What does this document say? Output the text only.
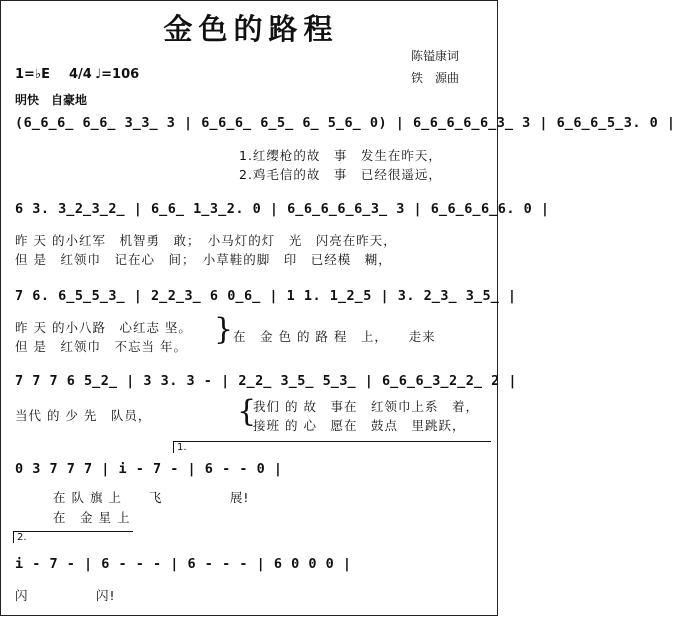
金色的路程
陈镒康词
铁　源曲
1=♭E 4/4 ♩=106
明快　自豪地
(6̲6̲6̲ 6̲6̲ 3̲3̲ 3 | 6̲6̲6̲ 6̲5̲ 6̲ 5̲6̲ 0) | 6̲6̲6̲6̲6̲3̲ 3 | 6̲6̲6̲5̲3. 0 |
1.红缨枪的故　事　发生在昨天，
2.鸡毛信的故　事　已经很遥远，
6 3. 3̲2̲3̲2̲ | 6̲6̲ 1̲3̲2. 0 | 6̲6̲6̲6̲6̲3̲ 3 | 6̲6̲6̲6̲6. 0 |
昨 天 的小红军　机智勇　敢；　小马灯的灯　光　闪亮在昨天，
但 是　红领巾　记在心　间；　小草鞋的脚　印　已经模　糊，
7 6. 6̲5̲5̲3̲ | 2̲2̲3̲ 6 0̲6̲ | 1 1. 1̲2̲5 | 3. 2̲3̲ 3̲5̲ |
昨 天 的小八路　心红志 坚。
但 是　红领巾　不忘当 年。 } 在　金 色 的 路 程　上，　　走来
7 7 7 6 5̲2̲ | 3 3. 3 - | 2̲2̲ 3̲5̲ 5̲3̲ | 6̲6̲6̲3̲2̲2̲ 2 |
当代 的 少 先　队员，	{
我们 的 故　事在　红领巾上系　着，
接班 的 心　愿在　鼓点　里跳跃，
1.
0 3 7 7 7 | i - 7 - | 6 - - 0 |
在 队 旗 上　　飞　　　　　展!
在　金 星 上
2.
i - 7 - | 6 - - - | 6 - - - | 6 0 0 0 |
闪　　　　　闪!
